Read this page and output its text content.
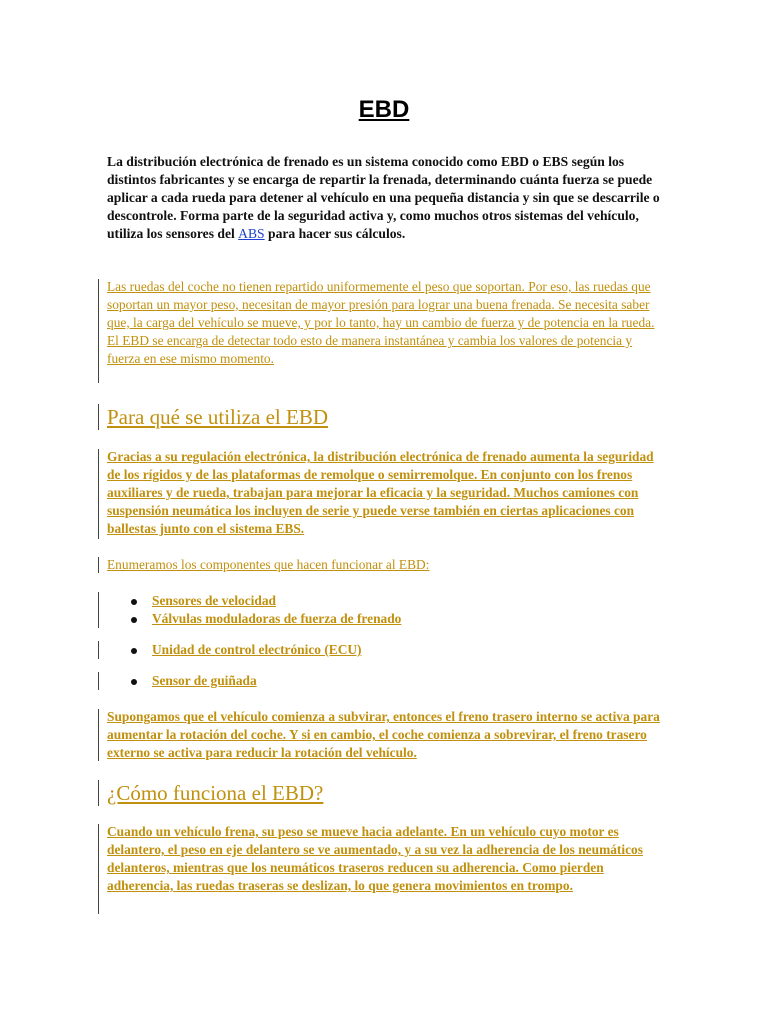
EBD
La distribución electrónica de frenado es un sistema conocido como EBD o EBS según los distintos fabricantes y se encarga de repartir la frenada, determinando cuánta fuerza se puede aplicar a cada rueda para detener al vehículo en una pequeña distancia y sin que se descarrile o descontrole. Forma parte de la seguridad activa y, como muchos otros sistemas del vehículo, utiliza los sensores del ABS para hacer sus cálculos.
Las ruedas del coche no tienen repartido uniformemente el peso que soportan. Por eso, las ruedas que soportan un mayor peso, necesitan de mayor presión para lograr una buena frenada. Se necesita saber que, la carga del vehículo se mueve, y por lo tanto, hay un cambio de fuerza y de potencia en la rueda. El EBD se encarga de detectar todo esto de manera instantánea y cambia los valores de potencia y fuerza en ese mismo momento.
Para qué se utiliza el EBD
Gracias a su regulación electrónica, la distribución electrónica de frenado aumenta la seguridad de los rígidos y de las plataformas de remolque o semirremolque. En conjunto con los frenos auxiliares y de rueda, trabajan para mejorar la eficacia y la seguridad. Muchos camiones con suspensión neumática los incluyen de serie y puede verse también en ciertas aplicaciones con ballestas junto con el sistema EBS.
Enumeramos los componentes que hacen funcionar al EBD:
Sensores de velocidad
Válvulas moduladoras de fuerza de frenado
Unidad de control electrónico (ECU)
Sensor de guiñada
Supongamos que el vehículo comienza a subvirar, entonces el freno trasero interno se activa para aumentar la rotación del coche. Y si en cambio, el coche comienza a sobrevirar, el freno trasero externo se activa para reducir la rotación del vehículo.
¿Cómo funciona el EBD?
Cuando un vehículo frena, su peso se mueve hacia adelante. En un vehículo cuyo motor es delantero, el peso en eje delantero se ve aumentado, y a su vez la adherencia de los neumáticos delanteros, mientras que los neumáticos traseros reducen su adherencia. Como pierden adherencia, las ruedas traseras se deslizan, lo que genera movimientos en trompo.
